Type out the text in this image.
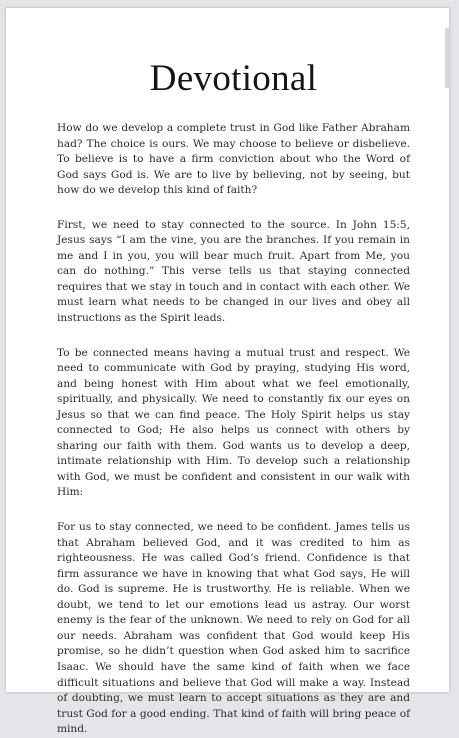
Devotional

How do we develop a complete trust in God like Father Abraham had? The choice is ours. We may choose to believe or disbelieve. To believe is to have a firm conviction about who the Word of God says God is. We are to live by believing, not by seeing, but how do we develop this kind of faith?

First, we need to stay connected to the source. In John 15:5, Jesus says “I am the vine, you are the branches. If you remain in me and I in you, you will bear much fruit. Apart from Me, you can do nothing.” This verse tells us that staying connected requires that we stay in touch and in contact with each other. We must learn what needs to be changed in our lives and obey all instructions as the Spirit leads.

To be connected means having a mutual trust and respect. We need to communicate with God by praying, studying His word, and being honest with Him about what we feel emotionally, spiritually, and physically. We need to constantly fix our eyes on Jesus so that we can find peace. The Holy Spirit helps us stay connected to God; He also helps us connect with others by sharing our faith with them. God wants us to develop a deep, intimate relationship with Him. To develop such a relationship with God, we must be confident and consistent in our walk with Him:

For us to stay connected, we need to be confident. James tells us that Abraham believed God, and it was credited to him as righteousness. He was called God’s friend. Confidence is that firm assurance we have in knowing that what God says, He will do. God is supreme. He is trustworthy. He is reliable. When we doubt, we tend to let our emotions lead us astray. Our worst enemy is the fear of the unknown. We need to rely on God for all our needs. Abraham was confident that God would keep His promise, so he didn’t question when God asked him to sacrifice Isaac. We should have the same kind of faith when we face difficult situations and believe that God will make a way. Instead of doubting, we must learn to accept situations as they are and trust God for a good ending. That kind of faith will bring peace of mind.
